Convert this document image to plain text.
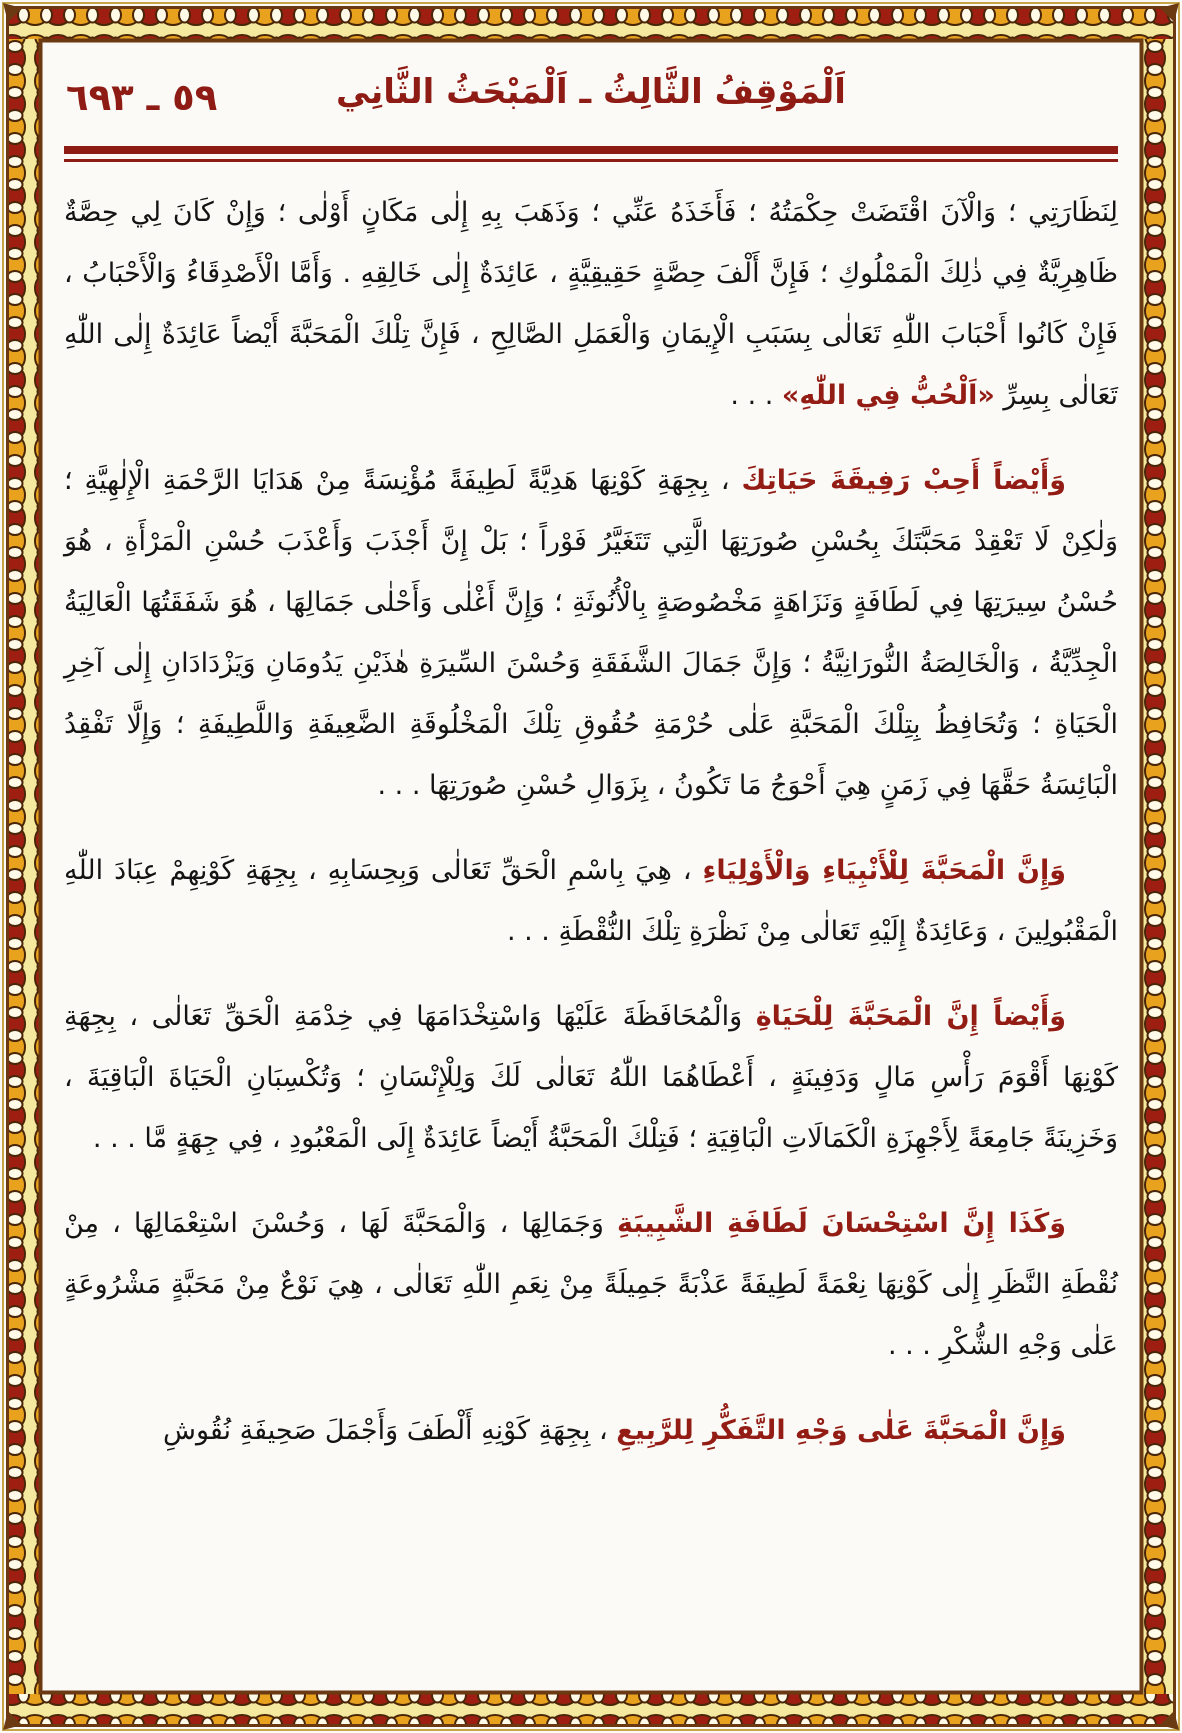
٥٩ ـ ٦٩٣	اَلْمَوْقِفُ الثَّالِثُ ـ اَلْمَبْحَثُ الثَّانِي

لِنَظَارَتِي ؛ وَالْآنَ اقْتَضَتْ حِكْمَتُهُ ؛ فَأَخَذَهُ عَنِّي ؛ وَذَهَبَ بِهِ إِلٰى مَكَانٍ أَوْلٰى ؛ وَإِنْ كَانَ لِي حِصَّةٌ ظَاهِرِيَّةٌ فِي ذٰلِكَ الْمَمْلُوكِ ؛ فَإِنَّ أَلْفَ حِصَّةٍ حَقِيقِيَّةٍ ، عَائِدَةٌ إِلٰى خَالِقِهِ . وَأَمَّا الْأَصْدِقَاءُ وَالْأَحْبَابُ ، فَإِنْ كَانُوا أَحْبَابَ اللّٰهِ تَعَالٰى بِسَبَبِ الْإِيمَانِ وَالْعَمَلِ الصَّالِحِ ، فَإِنَّ تِلْكَ الْمَحَبَّةَ أَيْضاً عَائِدَةٌ إِلٰى اللّٰهِ تَعَالٰى بِسِرِّ «اَلْحُبُّ فِي اللّٰهِ» . . .

وَأَيْضاً أَحِبْ رَفِيقَةَ حَيَاتِكَ ، بِجِهَةِ كَوْنِهَا هَدِيَّةً لَطِيفَةً مُؤْنِسَةً مِنْ هَدَايَا الرَّحْمَةِ الْإِلٰهِيَّةِ ؛ وَلٰكِنْ لَا تَعْقِدْ مَحَبَّتَكَ بِحُسْنِ صُورَتِهَا الَّتِي تَتَغَيَّرُ فَوْراً ؛ بَلْ إِنَّ أَجْذَبَ وَأَعْذَبَ حُسْنِ الْمَرْأَةِ ، هُوَ حُسْنُ سِيرَتِهَا فِي لَطَافَةٍ وَنَزَاهَةٍ مَخْصُوصَةٍ بِالْأُنُوثَةِ ؛ وَإِنَّ أَغْلٰى وَأَحْلٰى جَمَالِهَا ، هُوَ شَفَقَتُهَا الْعَالِيَةُ الْجِدِّيَّةُ ، وَالْخَالِصَةُ النُّورَانِيَّةُ ؛ وَإِنَّ جَمَالَ الشَّفَقَةِ وَحُسْنَ السِّيرَةِ هٰذَيْنِ يَدُومَانِ وَيَزْدَادَانِ إِلٰى آخِرِ الْحَيَاةِ ؛ وَتُحَافِظُ بِتِلْكَ الْمَحَبَّةِ عَلٰى حُرْمَةِ حُقُوقِ تِلْكَ الْمَخْلُوقَةِ الضَّعِيفَةِ وَاللَّطِيفَةِ ؛ وَإِلَّا تَفْقِدُ الْبَائِسَةُ حَقَّهَا فِي زَمَنٍ هِيَ أَحْوَجُ مَا تَكُونُ ، بِزَوَالِ حُسْنِ صُورَتِهَا . . .

وَإِنَّ الْمَحَبَّةَ لِلْأَنْبِيَاءِ وَالْأَوْلِيَاءِ ، هِيَ بِاسْمِ الْحَقِّ تَعَالٰى وَبِحِسَابِهِ ، بِجِهَةِ كَوْنِهِمْ عِبَادَ اللّٰهِ الْمَقْبُولِينَ ، وَعَائِدَةٌ إِلَيْهِ تَعَالٰى مِنْ نَظْرَةِ تِلْكَ النُّقْطَةِ . . .

وَأَيْضاً إِنَّ الْمَحَبَّةَ لِلْحَيَاةِ وَالْمُحَافَظَةَ عَلَيْهَا وَاسْتِخْدَامَهَا فِي خِدْمَةِ الْحَقِّ تَعَالٰى ، بِجِهَةِ كَوْنِهَا أَقْوَمَ رَأْسِ مَالٍ وَدَفِينَةٍ ، أَعْطَاهُمَا اللّٰهُ تَعَالٰى لَكَ وَلِلْإِنْسَانِ ؛ وَتُكْسِبَانِ الْحَيَاةَ الْبَاقِيَةَ ، وَخَزِينَةً جَامِعَةً لِأَجْهِزَةِ الْكَمَالَاتِ الْبَاقِيَةِ ؛ فَتِلْكَ الْمَحَبَّةُ أَيْضاً عَائِدَةٌ إِلَى الْمَعْبُودِ ، فِي جِهَةٍ مَّا . . .

وَكَذَا إِنَّ اسْتِحْسَانَ لَطَافَةِ الشَّبِيبَةِ وَجَمَالِهَا ، وَالْمَحَبَّةَ لَهَا ، وَحُسْنَ اسْتِعْمَالِهَا ، مِنْ نُقْطَةِ النَّظَرِ إِلٰى كَوْنِهَا نِعْمَةً لَطِيفَةً عَذْبَةً جَمِيلَةً مِنْ نِعَمِ اللّٰهِ تَعَالٰى ، هِيَ نَوْعٌ مِنْ مَحَبَّةٍ مَشْرُوعَةٍ عَلٰى وَجْهِ الشُّكْرِ . . .

وَإِنَّ الْمَحَبَّةَ عَلٰى وَجْهِ التَّفَكُّرِ لِلرَّبِيعِ ، بِجِهَةِ كَوْنِهِ أَلْطَفَ وَأَجْمَلَ صَحِيفَةِ نُقُوشِ
